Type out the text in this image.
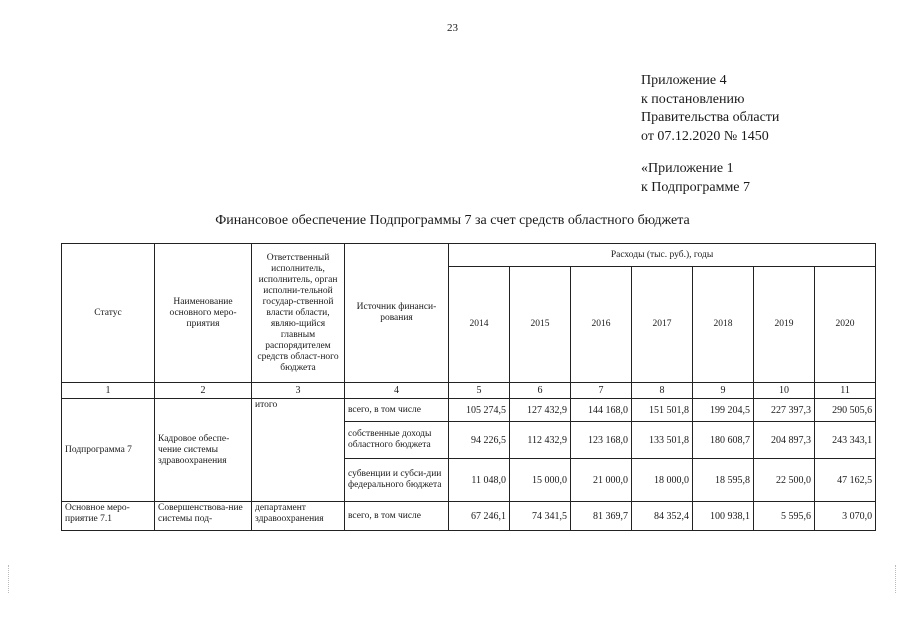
23
Приложение 4
к постановлению
Правительства области
от 07.12.2020 № 1450
«Приложение 1
к Подпрограмме 7
Финансовое обеспечение Подпрограммы 7 за счет средств областного бюджета
Статус	Наименование основного меро-приятия	Ответственный исполнитель, исполнитель, орган исполни-тельной государ-ственной власти области, являю-щийся главным распорядителем средств област-ного бюджета	Источник финанси-рования	Расходы (тыс. руб.), годы						
				2014	2015	2016	2017	2018	2019	2020
1	2	3	4	5	6	7	8	9	10	11
Подпрограмма 7	Кадровое обеспе-чение системы здравоохранения	итого	всего, в том числе	105 274,5	127 432,9	144 168,0	151 501,8	199 204,5	227 397,3	290 505,6
			собственные доходы областного бюджета	94 226,5	112 432,9	123 168,0	133 501,8	180 608,7	204 897,3	243 343,1
			субвенции и субси-дии федерального бюджета	11 048,0	15 000,0	21 000,0	18 000,0	18 595,8	22 500,0	47 162,5
Основное меро-приятие 7.1	Совершенствова-ние системы под-	департамент здравоохранения	всего, в том числе	67 246,1	74 341,5	81 369,7	84 352,4	100 938,1	5 595,6	3 070,0
